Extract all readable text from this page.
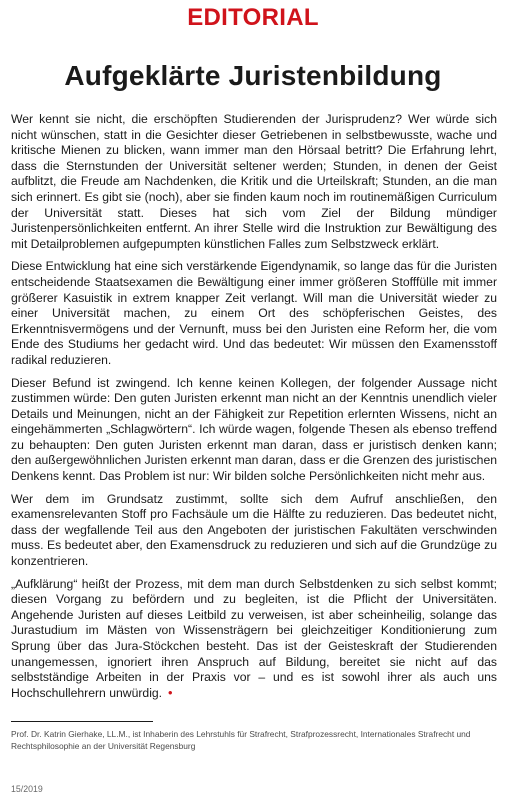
EDITORIAL
Aufgeklärte Juristenbildung

Wer kennt sie nicht, die erschöpften Studierenden der Jurisprudenz? Wer würde sich nicht wünschen, statt in die Gesichter dieser Getriebenen in selbstbewusste, wache und kritische Mienen zu blicken, wann immer man den Hörsaal betritt? Die Erfahrung lehrt, dass die Sternstunden der Universität seltener werden; Stunden, in denen der Geist aufblitzt, die Freude am Nachdenken, die Kritik und die Urteilskraft; Stunden, an die man sich erinnert. Es gibt sie (noch), aber sie finden kaum noch im routinemäßigen Curriculum der Universität statt. Dieses hat sich vom Ziel der Bildung mündiger Juristenpersönlichkeiten entfernt. An ihrer Stelle wird die Instruktion zur Bewältigung des mit Detailproblemen aufgepumpten künstlichen Falles zum Selbstzweck erklärt.

Diese Entwicklung hat eine sich verstärkende Eigendynamik, so lange das für die Juristen entscheidende Staatsexamen die Bewältigung einer immer größeren Stofffülle mit immer größerer Kasuistik in extrem knapper Zeit verlangt. Will man die Universität wieder zu einer Universität machen, zu einem Ort des schöpferischen Geistes, des Erkenntnisvermögens und der Vernunft, muss bei den Juristen eine Reform her, die vom Ende des Studiums her gedacht wird. Und das bedeutet: Wir müssen den Examensstoff radikal reduzieren.

Dieser Befund ist zwingend. Ich kenne keinen Kollegen, der folgender Aussage nicht zustimmen würde: Den guten Juristen erkennt man nicht an der Kenntnis unendlich vieler Details und Meinungen, nicht an der Fähigkeit zur Repetition erlernten Wissens, nicht an eingehämmerten „Schlagwörtern“. Ich würde wagen, folgende Thesen als ebenso treffend zu behaupten: Den guten Juristen erkennt man daran, dass er juristisch denken kann; den außergewöhnlichen Juristen erkennt man daran, dass er die Grenzen des juristischen Denkens kennt. Das Problem ist nur: Wir bilden solche Persönlichkeiten nicht mehr aus.

Wer dem im Grundsatz zustimmt, sollte sich dem Aufruf anschließen, den examensrelevanten Stoff pro Fachsäule um die Hälfte zu reduzieren. Das bedeutet nicht, dass der wegfallende Teil aus den Angeboten der juristischen Fakultäten verschwinden muss. Es bedeutet aber, den Examensdruck zu reduzieren und sich auf die Grundzüge zu konzentrieren.

„Aufklärung“ heißt der Prozess, mit dem man durch Selbstdenken zu sich selbst kommt; diesen Vorgang zu befördern und zu begleiten, ist die Pflicht der Universitäten. Angehende Juristen auf dieses Leitbild zu verweisen, ist aber scheinheilig, solange das Jurastudium im Mästen von Wissensträgern bei gleichzeitiger Konditionierung zum Sprung über das Jura-Stöckchen besteht. Das ist der Geisteskraft der Studierenden unangemessen, ignoriert ihren Anspruch auf Bildung, bereitet sie nicht auf das selbstständige Arbeiten in der Praxis vor – und es ist sowohl ihrer als auch uns Hochschullehrern unwürdig. •

Prof. Dr. Katrin Gierhake, LL.M., ist Inhaberin des Lehrstuhls für Strafrecht, Strafprozessrecht, Internationales Strafrecht und Rechtsphilosophie an der Universität Regensburg
15/2019
